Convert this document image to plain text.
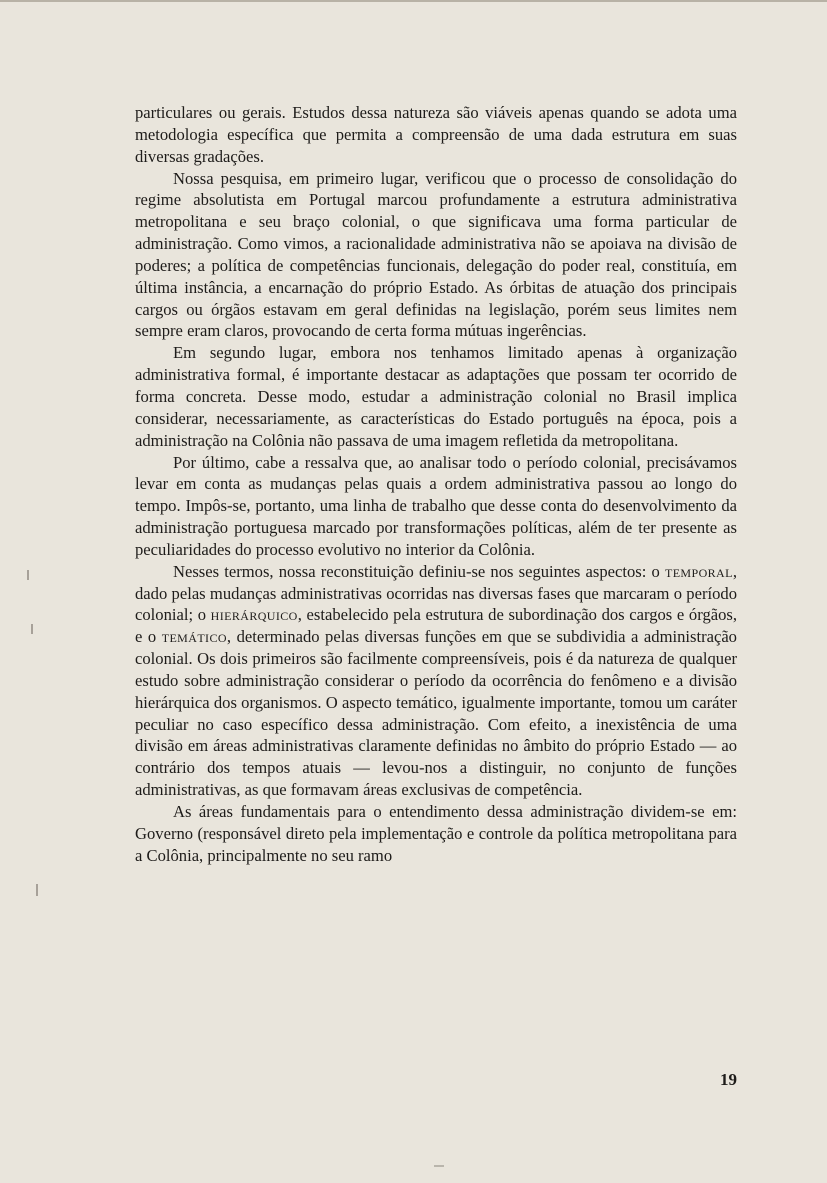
particulares ou gerais. Estudos dessa natureza são viáveis apenas quando se adota uma metodologia específica que permita a compreensão de uma dada estrutura em suas diversas gradações.

Nossa pesquisa, em primeiro lugar, verificou que o processo de consolidação do regime absolutista em Portugal marcou profundamente a estrutura administrativa metropolitana e seu braço colonial, o que significava uma forma particular de administração. Como vimos, a racionalidade administrativa não se apoiava na divisão de poderes; a política de competências funcionais, delegação do poder real, constituía, em última instância, a encarnação do próprio Estado. As órbitas de atuação dos principais cargos ou órgãos estavam em geral definidas na legislação, porém seus limites nem sempre eram claros, provocando de certa forma mútuas ingerências.

Em segundo lugar, embora nos tenhamos limitado apenas à organização administrativa formal, é importante destacar as adaptações que possam ter ocorrido de forma concreta. Desse modo, estudar a administração colonial no Brasil implica considerar, necessariamente, as características do Estado português na época, pois a administração na Colônia não passava de uma imagem refletida da metropolitana.

Por último, cabe a ressalva que, ao analisar todo o período colonial, precisávamos levar em conta as mudanças pelas quais a ordem administrativa passou ao longo do tempo. Impôs-se, portanto, uma linha de trabalho que desse conta do desenvolvimento da administração portuguesa marcado por transformações políticas, além de ter presente as peculiaridades do processo evolutivo no interior da Colônia.

Nesses termos, nossa reconstituição definiu-se nos seguintes aspectos: o temporal, dado pelas mudanças administrativas ocorridas nas diversas fases que marcaram o período colonial; o hierárquico, estabelecido pela estrutura de subordinação dos cargos e órgãos, e o temático, determinado pelas diversas funções em que se subdividia a administração colonial. Os dois primeiros são facilmente compreensíveis, pois é da natureza de qualquer estudo sobre administração considerar o período da ocorrência do fenômeno e a divisão hierárquica dos organismos. O aspecto temático, igualmente importante, tomou um caráter peculiar no caso específico dessa administração. Com efeito, a inexistência de uma divisão em áreas administrativas claramente definidas no âmbito do próprio Estado — ao contrário dos tempos atuais — levou-nos a distinguir, no conjunto de funções administrativas, as que formavam áreas exclusivas de competência.

As áreas fundamentais para o entendimento dessa administração dividem-se em: Governo (responsável direto pela implementação e controle da política metropolitana para a Colônia, principalmente no seu ramo

19
